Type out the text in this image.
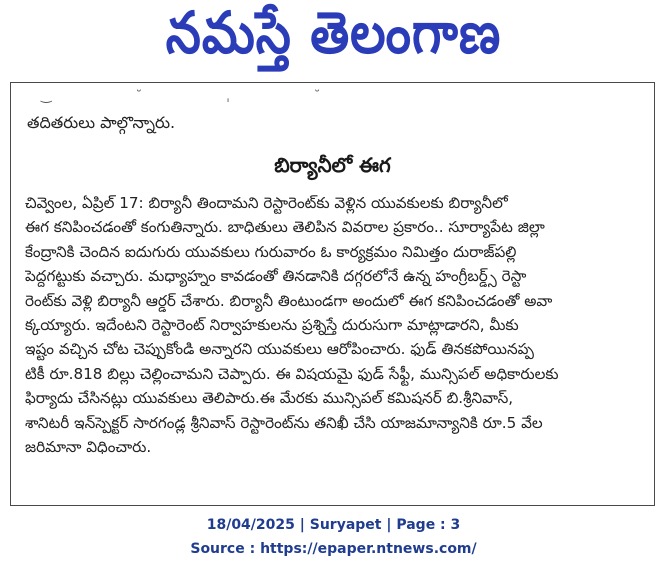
నమస్తే తెలంగాణ
‿ ˘ ˌ ˘
తదితరులు పాల్గొన్నారు.
బిర్యానీలో ఈగ
చివ్వెంల, ఏప్రిల్ 17: బిర్యానీ తిందామని రెస్టారెంట్‌కు వెళ్లిన యువకులకు బిర్యానీలో
ఈగ కనిపించడంతో కంగుతిన్నారు. బాధితులు తెలిపిన వివరాల ప్రకారం.. సూర్యాపేట జిల్లా
కేంద్రానికి చెందిన ఐదుగురు యువకులు గురువారం ఓ కార్యక్రమం నిమిత్తం దురాజ్‌పల్లి
పెద్దగట్టుకు వచ్చారు. మధ్యాహ్నం కావడంతో తినడానికి దగ్గరలోనే ఉన్న హంగ్రీబర్డ్స్ రెస్టా
రెంట్‌కు వెళ్లి బిర్యానీ ఆర్డర్ చేశారు. బిర్యానీ తింటుండగా అందులో ఈగ కనిపించడంతో అవా
క్కయ్యారు. ఇదేంటని రెస్టారెంట్ నిర్వాహకులను ప్రశ్నిస్తే దురుసుగా మాట్లాడారని, మీకు
ఇష్టం వచ్చిన చోట చెప్పుకోండి అన్నారని యువకులు ఆరోపించారు. ఫుడ్ తినకపోయినప్ప
టికీ రూ.818 బిల్లు చెల్లించామని చెప్పారు. ఈ విషయమై ఫుడ్ సేఫ్టీ, మున్సిపల్ అధికారులకు
ఫిర్యాదు చేసినట్లు యువకులు తెలిపారు.ఈ మేరకు మున్సిపల్ కమిషనర్ బి.శ్రీనివాస్,
శానిటరీ ఇన్‌స్పెక్టర్ సారగండ్ల శ్రీనివాస్ రెస్టారెంట్‌ను తనిఖీ చేసి యాజమాన్యానికి రూ.5 వేల
జరిమానా విధించారు.
18/04/2025 | Suryapet | Page : 3
Source : https://epaper.ntnews.com/
